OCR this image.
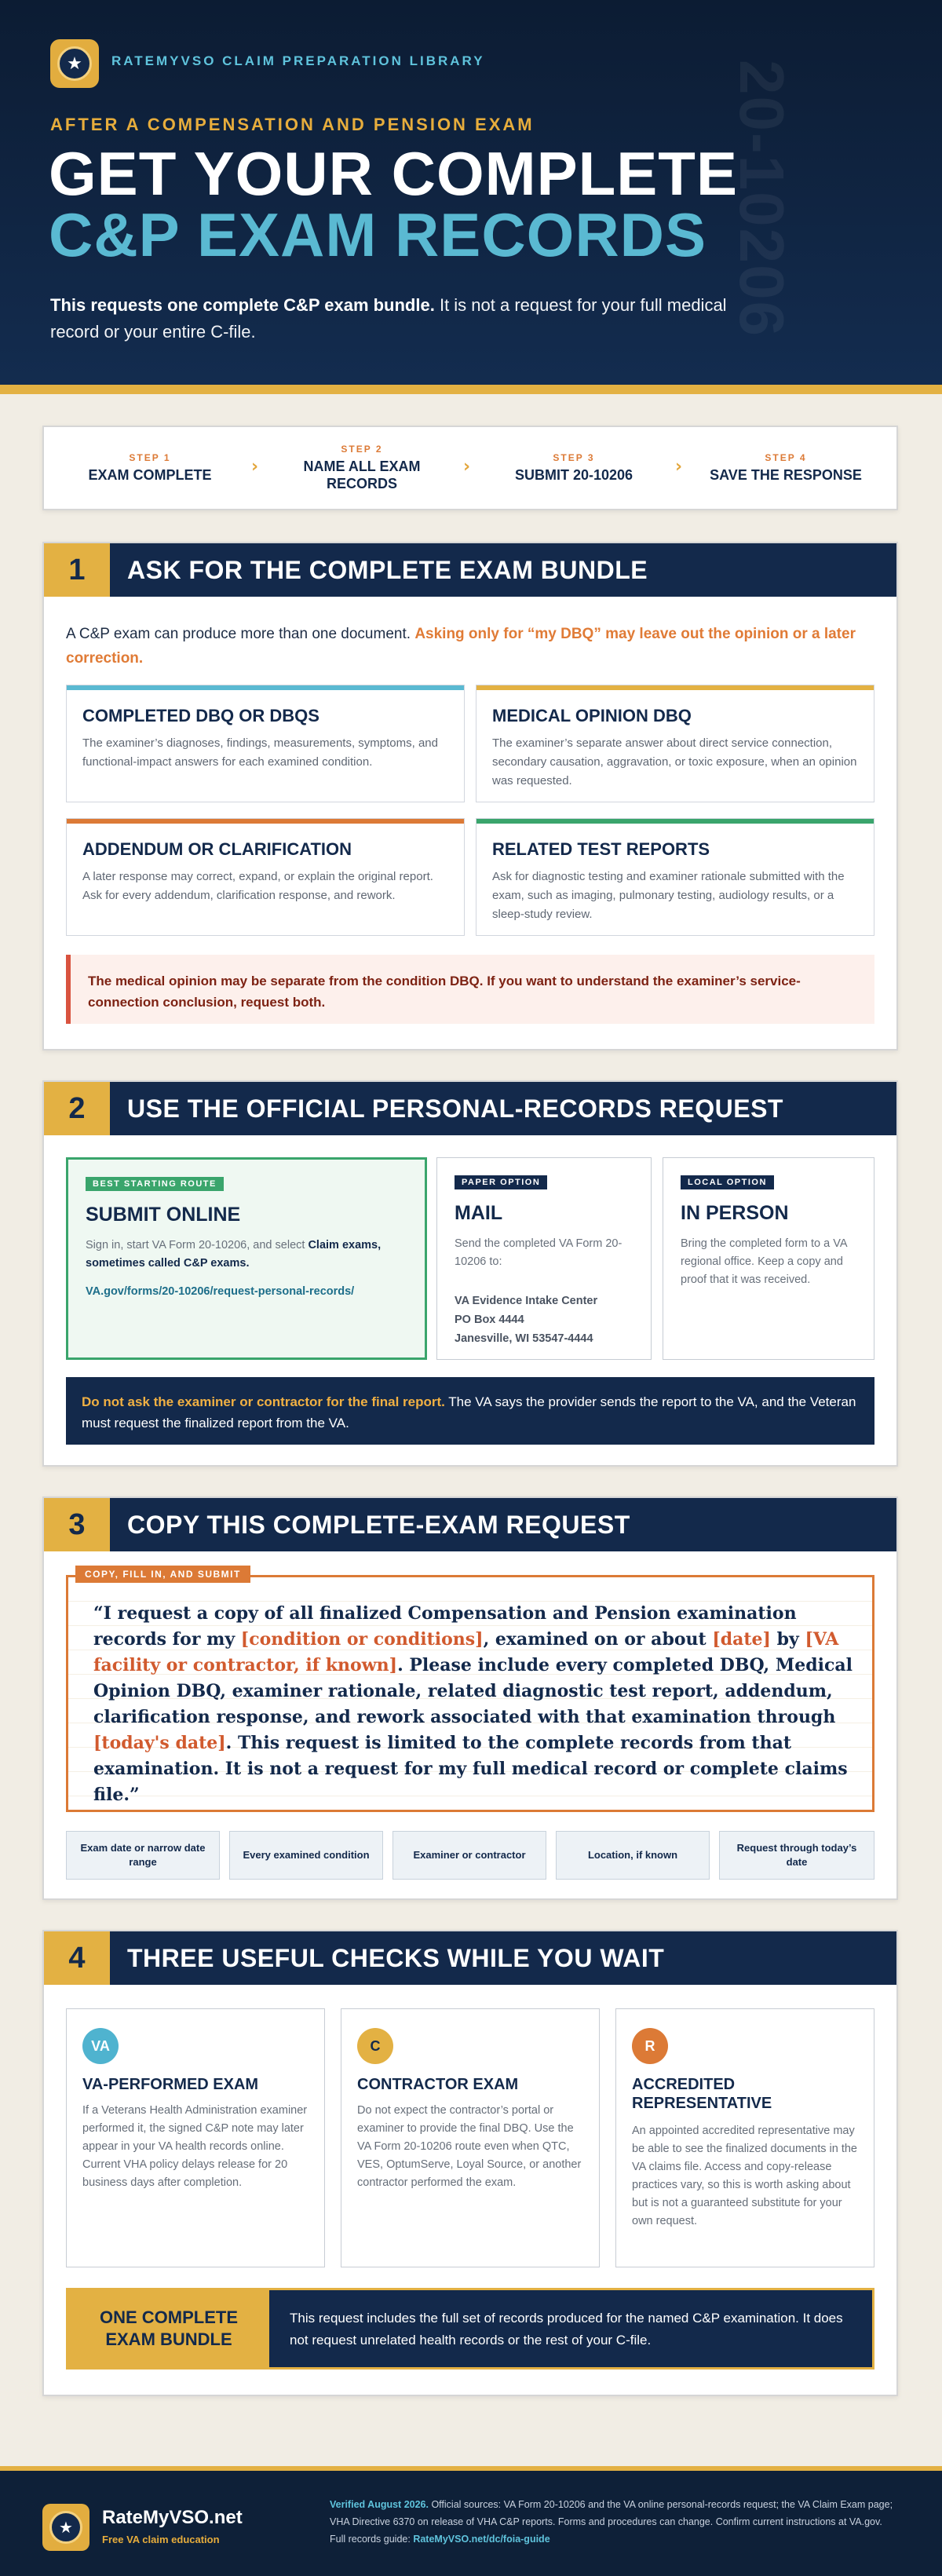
20-10206
★	RATEMYVSO CLAIM PREPARATION LIBRARY
AFTER A COMPENSATION AND PENSION EXAM
GET YOUR COMPLETE
C&P EXAM RECORDS
This requests one complete C&P exam bundle. It is not a request for your full medical record or your entire C-file.
STEP 1
EXAM COMPLETE
STEP 2
NAME ALL EXAM RECORDS
STEP 3
SUBMIT 20-10206
STEP 4
SAVE THE RESPONSE
›	›	›
1	ASK FOR THE COMPLETE EXAM BUNDLE
A C&P exam can produce more than one document. Asking only for “my DBQ” may leave out the opinion or a later correction.
COMPLETED DBQ OR DBQS
The examiner’s diagnoses, findings, measurements, symptoms, and functional-impact answers for each examined condition.
MEDICAL OPINION DBQ
The examiner’s separate answer about direct service connection, secondary causation, aggravation, or toxic exposure, when an opinion was requested.
ADDENDUM OR CLARIFICATION
A later response may correct, expand, or explain the original report. Ask for every addendum, clarification response, and rework.
RELATED TEST REPORTS
Ask for diagnostic testing and examiner rationale submitted with the exam, such as imaging, pulmonary testing, audiology results, or a sleep-study review.
The medical opinion may be separate from the condition DBQ. If you want to understand the examiner’s service-connection conclusion, request both.
2	USE THE OFFICIAL PERSONAL-RECORDS REQUEST
BEST STARTING ROUTE
SUBMIT ONLINE
Sign in, start VA Form 20-10206, and select Claim exams, sometimes called C&P exams.
VA.gov/forms/20-10206/request-personal-records/
PAPER OPTION
MAIL
Send the completed VA Form 20-10206 to:
VA Evidence Intake Center
PO Box 4444
Janesville, WI 53547-4444
LOCAL OPTION
IN PERSON
Bring the completed form to a VA regional office. Keep a copy and proof that it was received.
Do not ask the examiner or contractor for the final report. The VA says the provider sends the report to the VA, and the Veteran must request the finalized report from the VA.
3	COPY THIS COMPLETE-EXAM REQUEST
“I request a copy of all finalized Compensation and Pension examination records for my [condition or conditions], examined on or about [date] by [VA facility or contractor, if known]. Please include every completed DBQ, Medical Opinion DBQ, examiner rationale, related diagnostic test report, addendum, clarification response, and rework associated with that examination through [today's date]. This request is limited to the complete records from that examination. It is not a request for my full medical record or complete claims file.”
COPY, FILL IN, AND SUBMIT
Exam date or narrow date range
Every examined condition	Examiner or contractor	Location, if known
Request through today’s date
4	THREE USEFUL CHECKS WHILE YOU WAIT
VA
VA-PERFORMED EXAM
If a Veterans Health Administration examiner performed it, the signed C&P note may later appear in your VA health records online. Current VHA policy delays release for 20 business days after completion.
C
CONTRACTOR EXAM
Do not expect the contractor’s portal or examiner to provide the final DBQ. Use the VA Form 20-10206 route even when QTC, VES, OptumServe, Loyal Source, or another contractor performed the exam.
R
ACCREDITED REPRESENTATIVE
An appointed accredited representative may be able to see the finalized documents in the VA claims file. Access and copy-release practices vary, so this is worth asking about but is not a guaranteed substitute for your own request.
ONE COMPLETE EXAM BUNDLE
This request includes the full set of records produced for the named C&P examination. It does not request unrelated health records or the rest of your C-file.
★	RateMyVSO.net
Free VA claim education
Verified August 2026. Official sources: VA Form 20-10206 and the VA online personal-records request; the VA Claim Exam page; VHA Directive 6370 on release of VHA C&P reports. Forms and procedures can change. Confirm current instructions at VA.gov. Full records guide: RateMyVSO.net/dc/foia-guide
